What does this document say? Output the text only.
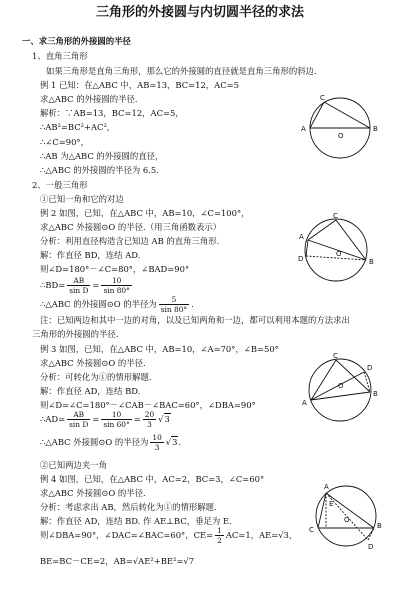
三角形的外接圆与内切圆半径的求法
一、求三角形的外接圆的半径
1、直角三角形
如果三角形是直角三角形，那么它的外接圆的直径就是直角三角形的斜边.
例 1 已知：在△ABC 中，AB=13，BC=12，AC=5
求△ABC 的外接圆的半径.
解析：∵AB=13，BC=12，AC=5，
∴AB²=BC²+AC²，
∴∠C=90°，
∴AB 为△ABC 的外接圆的直径，
∴△ABC 的外接圆的半径为 6.5.
A	B
C
O
2、一般三角形
①已知一角和它的对边
例 2 如图，已知，在△ABC 中，AB=10，∠C=100°，
求△ABC 外接圆⊙O 的半径.（用三角函数表示）
分析：利用直径构造含已知边 AB 的直角三角形.
解：作直径 BD，连结 AD.
则∠D=180°－∠C=80°，∠BAD=90°
∴BD= $\frac{AB}{\text{sin D}} = \frac{10}{\sin 80^\circ}$
∴△ABC 的外接圆⊙O 的半径为 $\frac{5}{\sin 80^\circ}$ .
A
C
B
D
O
注：已知两边和其中一边的对角，以及已知两角和一边，都可以利用本题的方法求出
三角形的外接圆的半径.
例 3 如图，已知，在△ABC 中，AB=10，∠A=70°，∠B=50°
求△ABC 外接圆⊙O 的半径.
分析：可转化为①的情形解题.
解：作直径 AD，连结 BD.
则∠D=∠C=180°－∠CAB－∠BAC=60°，∠DBA=90°
∴AD= $\frac{AB}{\text{sin D}} = \frac{10}{\sin 60^\circ} = \frac{20}{3} √3$
∴△ABC 外接圆⊙O 的半径为 $\frac{10}{3} √3$.
C
D
A
B
O
②已知两边夹一角
例 4 如图，已知，在△ABC 中，AC=2，BC=3，∠C=60°
求△ABC 外接圆⊙O 的半径.
分析：考虑求出 AB，然后转化为①的情形解题.
解：作直径 AD，连结 BD. 作 AE⊥BC，垂足为 E.
则∠DBA=90°，∠DAC=∠BAC=60°，$CE= \frac{1}{2} AC=1$，AE=√3，
BE=BC－CE=2，AB=√AE²+BE²=√7
A
E
C	B
D
O
